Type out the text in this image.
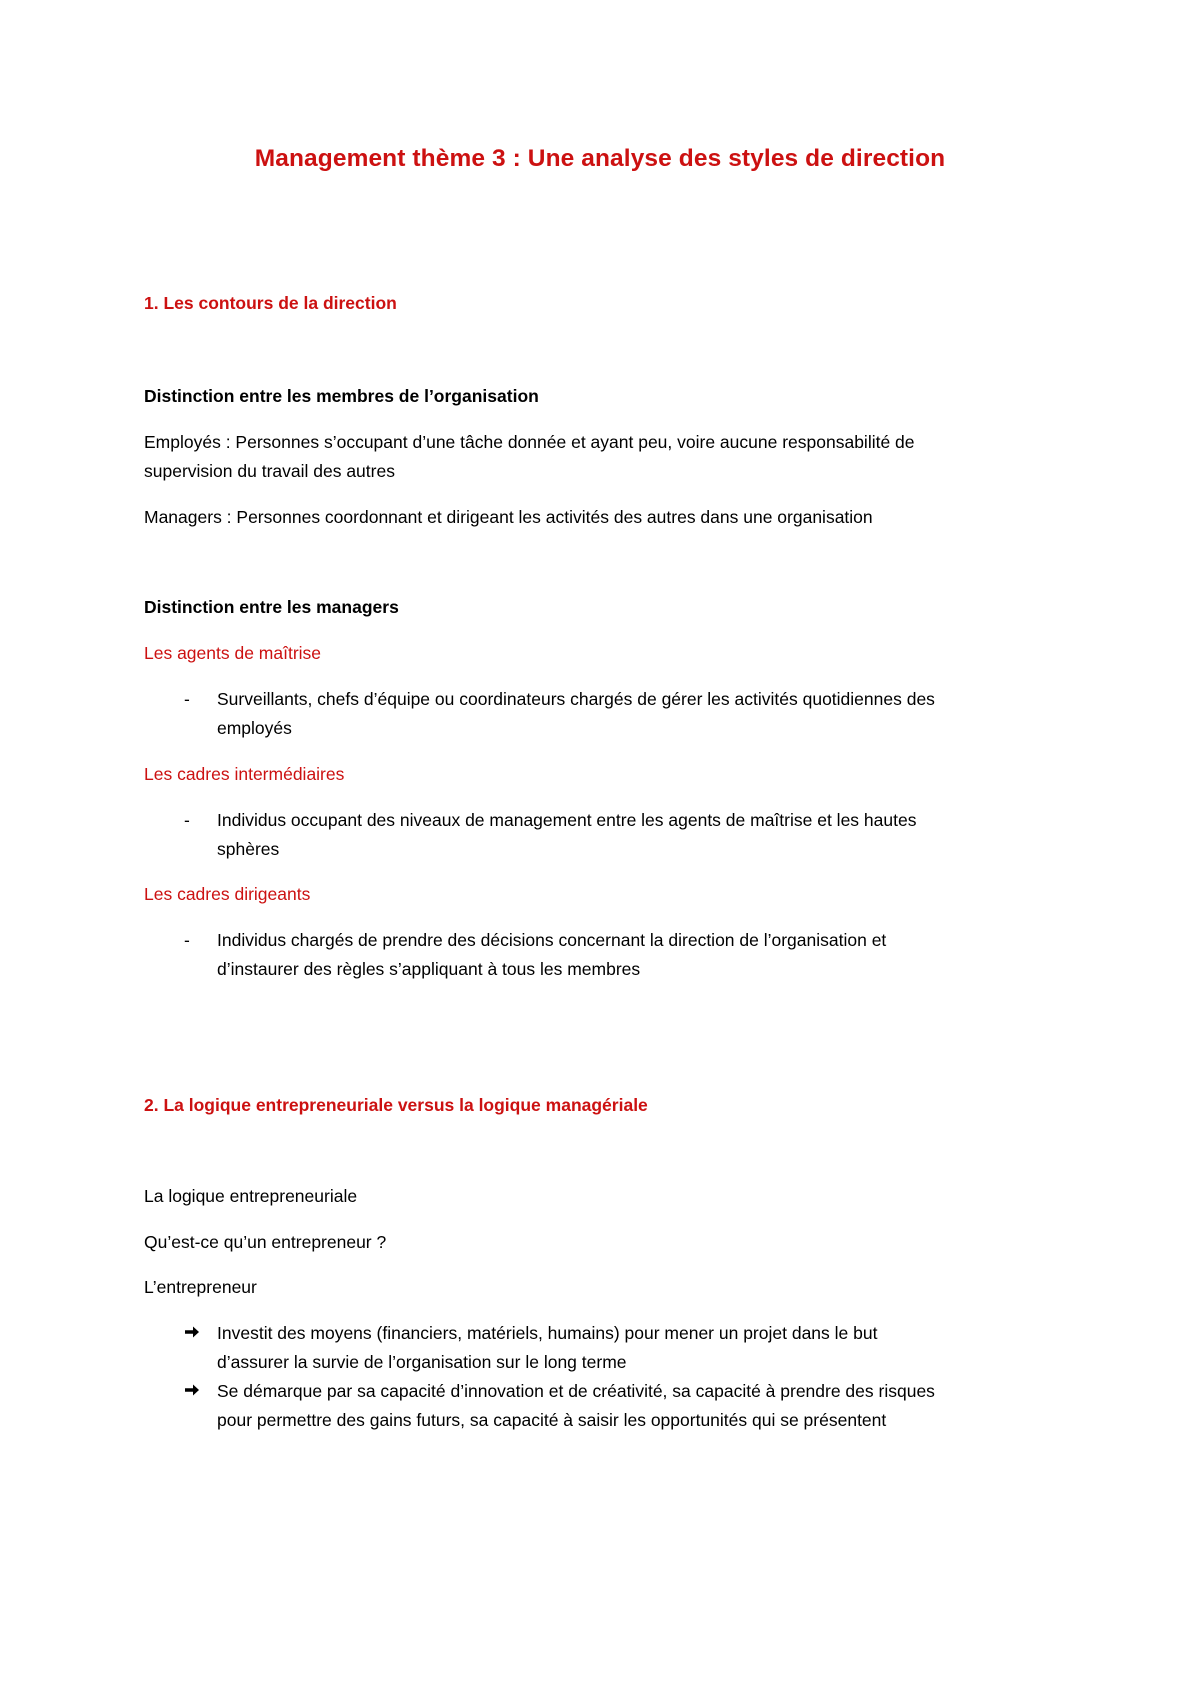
Management thème 3 : Une analyse des styles de direction
1. Les contours de la direction
Distinction entre les membres de l’organisation
Employés : Personnes s’occupant d’une tâche donnée et ayant peu, voire aucune responsabilité de
supervision du travail des autres
Managers : Personnes coordonnant et dirigeant les activités des autres dans une organisation
Distinction entre les managers
Les agents de maîtrise
-	Surveillants, chefs d’équipe ou coordinateurs chargés de gérer les activités quotidiennes des
employés
Les cadres intermédiaires
-	Individus occupant des niveaux de management entre les agents de maîtrise et les hautes
sphères
Les cadres dirigeants
-	Individus chargés de prendre des décisions concernant la direction de l’organisation et
d’instaurer des règles s’appliquant à tous les membres
2. La logique entrepreneuriale versus la logique managériale
La logique entrepreneuriale
Qu’est-ce qu’un entrepreneur ?
L’entrepreneur
Investit des moyens (financiers, matériels, humains) pour mener un projet dans le but
d’assurer la survie de l’organisation sur le long terme
Se démarque par sa capacité d’innovation et de créativité, sa capacité à prendre des risques
pour permettre des gains futurs, sa capacité à saisir les opportunités qui se présentent
